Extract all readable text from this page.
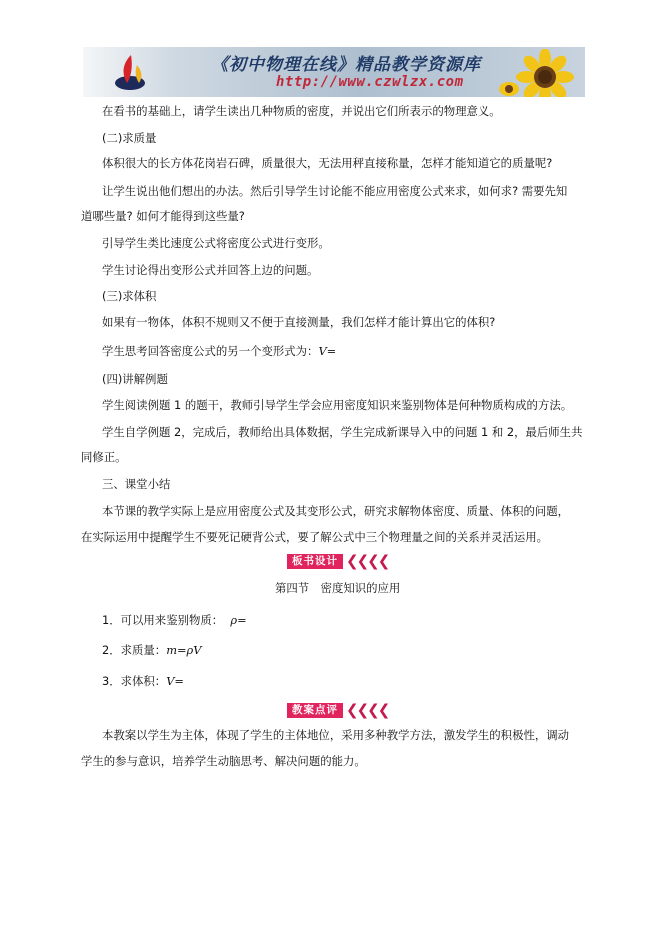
《初中物理在线》精品教学资源库
http://www.czwlzx.com
在看书的基础上，请学生读出几种物质的密度，并说出它们所表示的物理意义。
(二)求质量
体积很大的长方体花岗岩石碑，质量很大，无法用秤直接称量，怎样才能知道它的质量呢?
让学生说出他们想出的办法。然后引导学生讨论能不能应用密度公式来求，如何求? 需要先知
道哪些量? 如何才能得到这些量?
引导学生类比速度公式将密度公式进行变形。
学生讨论得出变形公式并回答上边的问题。
(三)求体积
如果有一物体，体积不规则又不便于直接测量，我们怎样才能计算出它的体积?
学生思考回答密度公式的另一个变形式为：V=
(四)讲解例题
学生阅读例题 1 的题干，教师引导学生学会应用密度知识来鉴别物体是何种物质构成的方法。
学生自学例题 2，完成后，教师给出具体数据，学生完成新课导入中的问题 1 和 2，最后师生共
同修正。
三、课堂小结
本节课的教学实际上是应用密度公式及其变形公式，研究求解物体密度、质量、体积的问题，
在实际运用中提醒学生不要死记硬背公式，要了解公式中三个物理量之间的关系并灵活运用。
板书设计 ❮❮❮❮
第四节　密度知识的应用
1．可以用来鉴别物质： ρ=
2．求质量：m=ρV
3．求体积：V=
教案点评 ❮❮❮❮
本教案以学生为主体，体现了学生的主体地位，采用多种教学方法，激发学生的积极性，调动
学生的参与意识，培养学生动脑思考、解决问题的能力。
